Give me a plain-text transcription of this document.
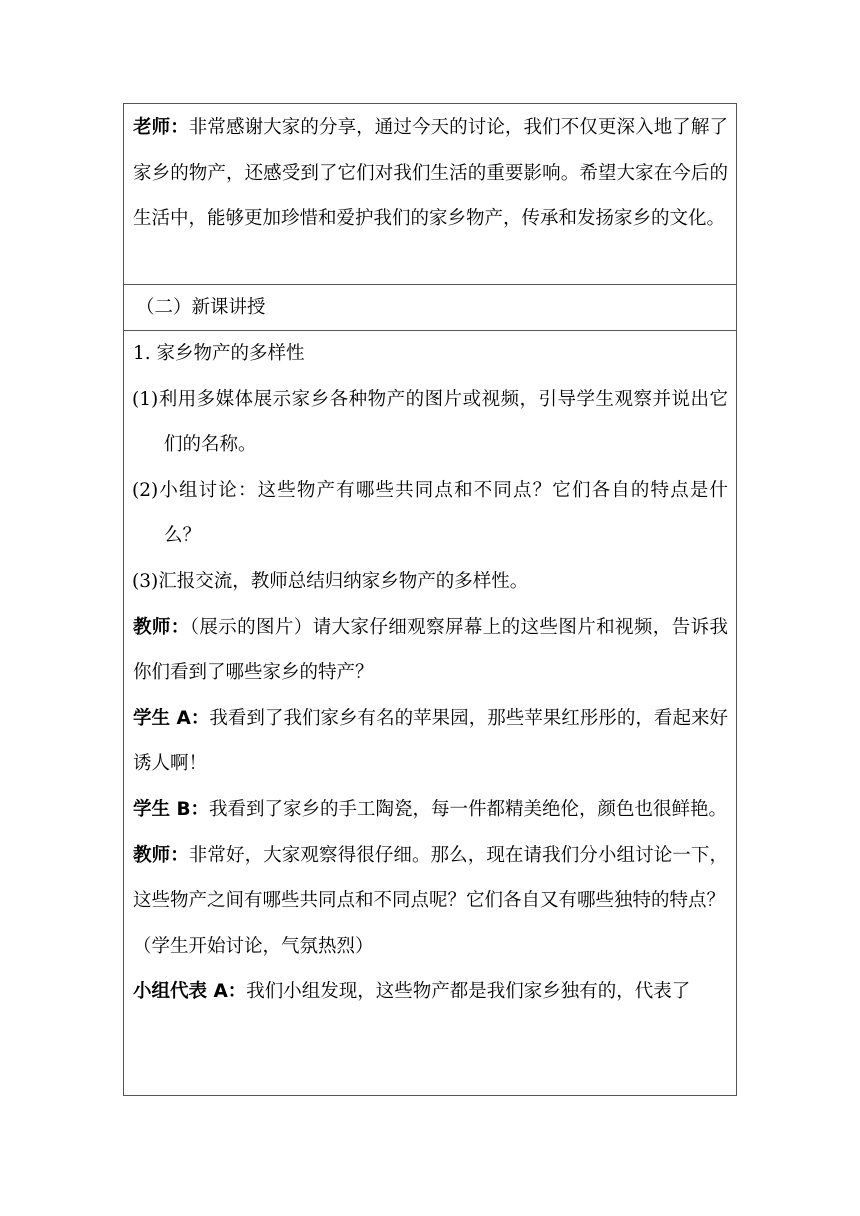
老师：非常感谢大家的分享，通过今天的讨论，我们不仅更深入地了解了家乡的物产，还感受到了它们对我们生活的重要影响。希望大家在今后的生活中，能够更加珍惜和爱护我们的家乡物产，传承和发扬家乡的文化。

（二）新课讲授

1. 家乡物产的多样性

(1)利用多媒体展示家乡各种物产的图片或视频，引导学生观察并说出它们的名称。

(2)小组讨论：这些物产有哪些共同点和不同点？它们各自的特点是什么？

(3)汇报交流，教师总结归纳家乡物产的多样性。

教师：（展示的图片）请大家仔细观察屏幕上的这些图片和视频，告诉我你们看到了哪些家乡的特产？

学生 A：我看到了我们家乡有名的苹果园，那些苹果红彤彤的，看起来好诱人啊！

学生 B：我看到了家乡的手工陶瓷，每一件都精美绝伦，颜色也很鲜艳。

教师：非常好，大家观察得很仔细。那么，现在请我们分小组讨论一下，这些物产之间有哪些共同点和不同点呢？它们各自又有哪些独特的特点？

（学生开始讨论，气氛热烈）

小组代表 A：我们小组发现，这些物产都是我们家乡独有的，代表了
